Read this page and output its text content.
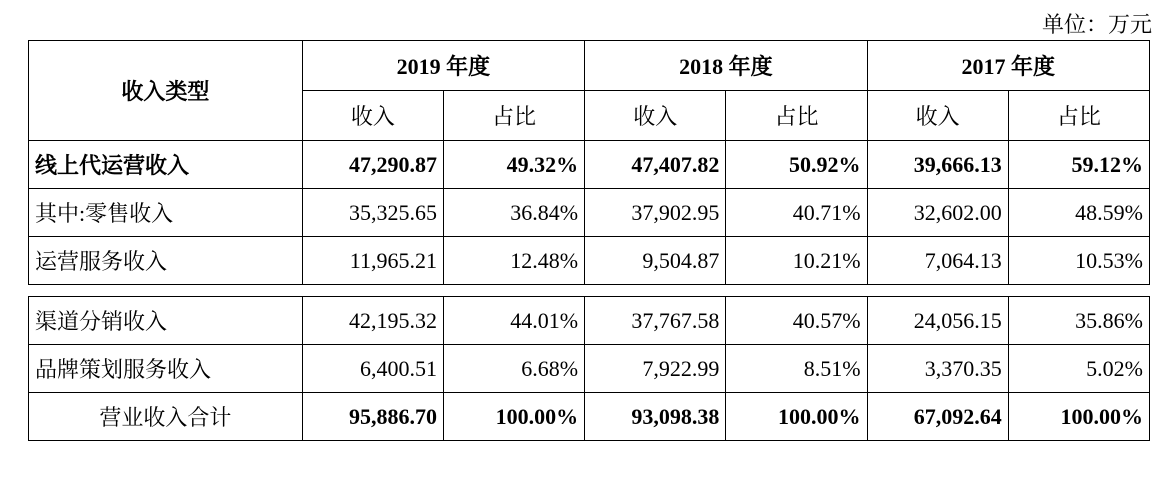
单位：万元
收入类型	2019 年度		2018 年度		2017 年度	
	收入	占比	收入	占比	收入	占比
线上代运营收入	47,290.87	49.32%	47,407.82	50.92%	39,666.13	59.12%
其中:零售收入	35,325.65	36.84%	37,902.95	40.71%	32,602.00	48.59%
运营服务收入	11,965.21	12.48%	9,504.87	10.21%	7,064.13	10.53%

渠道分销收入	42,195.32	44.01%	37,767.58	40.57%	24,056.15	35.86%
品牌策划服务收入	6,400.51	6.68%	7,922.99	8.51%	3,370.35	5.02%
营业收入合计	95,886.70	100.00%	93,098.38	100.00%	67,092.64	100.00%
